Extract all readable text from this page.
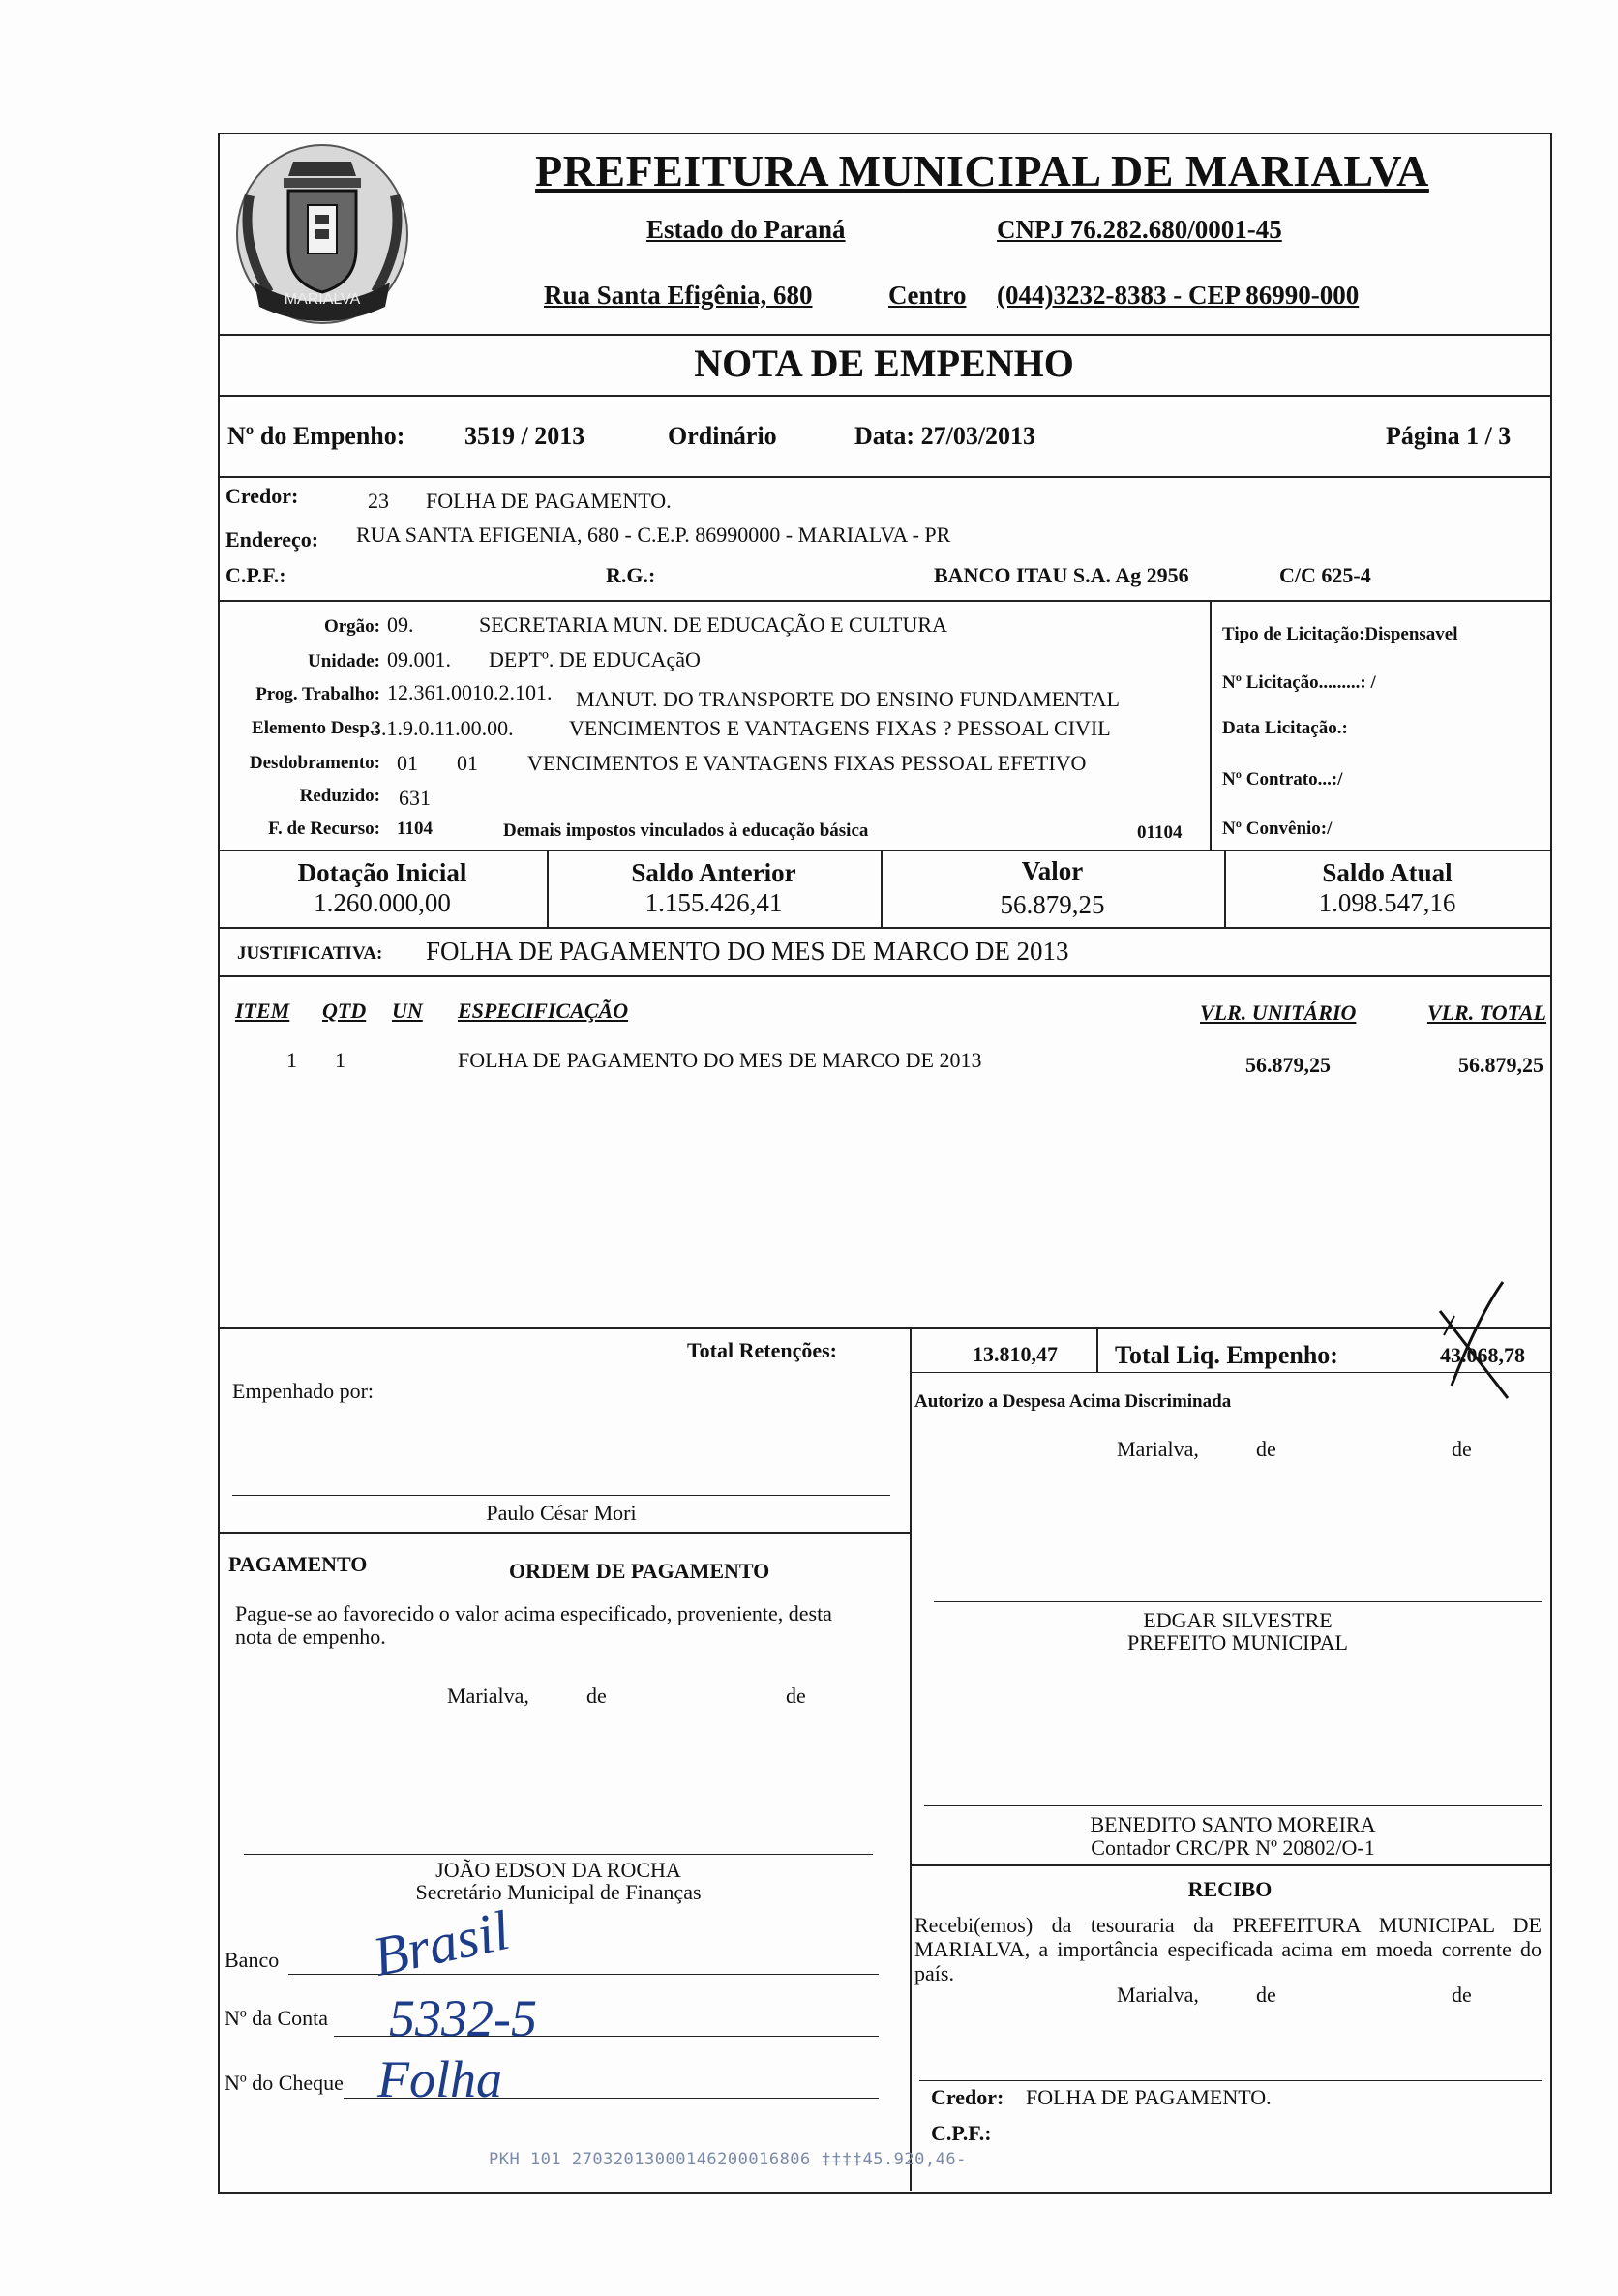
MARIALVA
PREFEITURA MUNICIPAL DE MARIALVA
Estado do Paraná	CNPJ 76.282.680/0001-45
Rua Santa Efigênia, 680	Centro (044)3232-8383 - CEP 86990-000
NOTA DE EMPENHO
Nº do Empenho: 3519 / 2013	Ordinário	Data: 27/03/2013	Página 1 / 3
Credor:	23 FOLHA DE PAGAMENTO.
Endereço: RUA SANTA EFIGENIA, 680 - C.E.P. 86990000 - MARIALVA - PR
C.P.F.:	R.G.:	BANCO ITAU S.A. Ag 2956	C/C 625-4
Orgão: 09.	SECRETARIA MUN. DE EDUCAÇÃO E CULTURA
Unidade: 09.001. DEPTº. DE EDUCAçãO
Prog. Trabalho: 12.361.0010.2.101. MANUT. DO TRANSPORTE DO ENSINO FUNDAMENTAL
Elemento Desp.:
3.1.9.0.11.00.00.	VENCIMENTOS E VANTAGENS FIXAS ? PESSOAL CIVIL
Desdobramento: 01 01 VENCIMENTOS E VANTAGENS FIXAS PESSOAL EFETIVO
Reduzido: 631
F. de Recurso: 1104	Demais impostos vinculados à educação básica	01104
Tipo de Licitação:Dispensavel
Nº Licitação.........: /
Data Licitação.:
Nº Contrato...:/
Nº Convênio:/
Dotação Inicial
1.260.000,00
Saldo Anterior
1.155.426,41
Valor
56.879,25
Saldo Atual
1.098.547,16
JUSTIFICATIVA: FOLHA DE PAGAMENTO DO MES DE MARCO DE 2013
ITEM QTD UN ESPECIFICAÇÃO	VLR. UNITÁRIO	VLR. TOTAL
1 1	FOLHA DE PAGAMENTO DO MES DE MARCO DE 2013	56.879,25	56.879,25
Total Retenções:	13.810,47 Total Liq. Empenho:	43.068,78
Empenhado por:
Paulo César Mori
PAGAMENTO	ORDEM DE PAGAMENTO
Pague-se ao favorecido o valor acima especificado, proveniente, desta nota de empenho.
Marialva,	de	de
JOÃO EDSON DA ROCHA
Secretário Municipal de Finanças
Banco Brasil
Nº da Conta 5332-5
Nº do Cheque Folha
Autorizo a Despesa Acima Discriminada
Marialva,	de	de
EDGAR SILVESTRE
PREFEITO MUNICIPAL
BENEDITO SANTO MOREIRA
Contador CRC/PR Nº 20802/O-1
RECIBO
Recebi(emos) da tesouraria da PREFEITURA MUNICIPAL DE MARIALVA, a importância especificada acima em moeda corrente do país.
Marialva,	de	de
Credor: FOLHA DE PAGAMENTO.
C.P.F.:
PKH 101 27032013000146200016806 ‡‡‡‡45.920,46-
